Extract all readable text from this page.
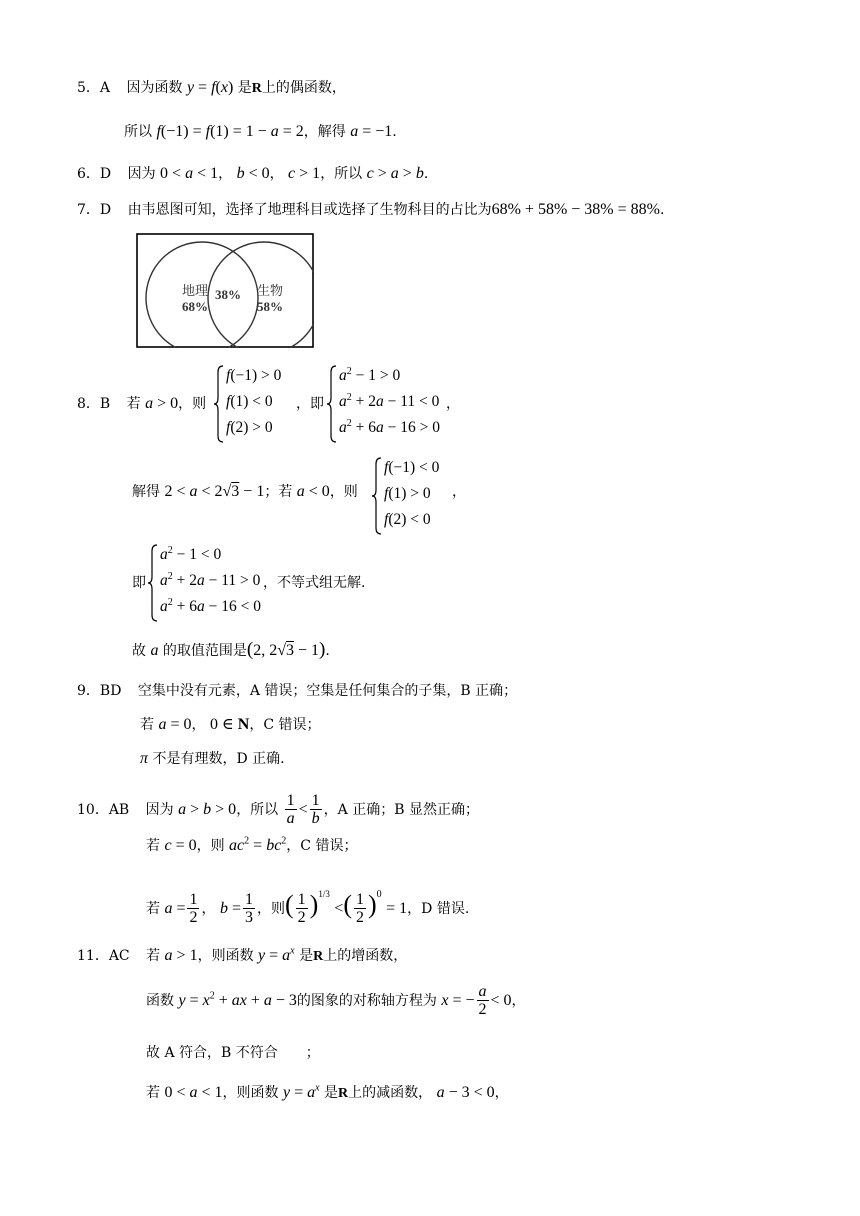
5．A 因为函数 y = f(x) 是R上的偶函数，
所以 f(−1) = f(1) = 1 − a = 2，解得 a = −1.
6．D 因为 0 < a < 1， b < 0， c > 1，所以 c > a > b.
7．D 由韦恩图可知，选择了地理科目或选择了生物科目的占比为68% + 58% − 38% = 88%.
地理
68%
38% 生物
58%
8．B 若 a > 0，则
f(−1) > 0
f(1) < 0
f(2) > 0
，即
$a^2 - 1 > 0$
$a^2 + 2a - 11 < 0$
$a^2 + 6a - 16 > 0$
，
解得 2 < a < 2√3 − 1；若 a < 0，则
f(−1) < 0
f(1) > 0
f(2) < 0
，
即
$a^2 - 1 < 0$
$a^2 + 2a - 11 > 0$
$a^2 + 6a - 16 < 0$
，不等式组无解.
故 a 的取值范围是(2, 2√3 − 1).
9．BD 空集中没有元素，A 错误；空集是任何集合的子集，B 正确；
若 a = 0， 0 ∈ N，C 错误；
π 不是有理数，D 正确.
10．AB 因为 a > b > 0，所以 $\frac{1}{a} < \frac{1}{b}$ ，A 正确；B 显然正确；
若 c = 0，则 $ac^2 = bc^2$，C 错误；
若 $a = \frac{1}{2}$ ， $b = \frac{1}{3}$ ，则( $\frac{1}{2} )^{1/3}$ <( $\frac{1}{2} )^0 = 1$，D 错误.
11．AC 若 a > 1，则函数 $y = a^x$ 是R上的增函数，
函数 $y = x^2$ + ax + a − 3的图象的对称轴方程为 x = − $\frac{a}{2} < 0$，
故 A 符合，B 不符合　　；
若 0 < a < 1，则函数 $y = a^x$ 是R上的减函数， a − 3 < 0，
